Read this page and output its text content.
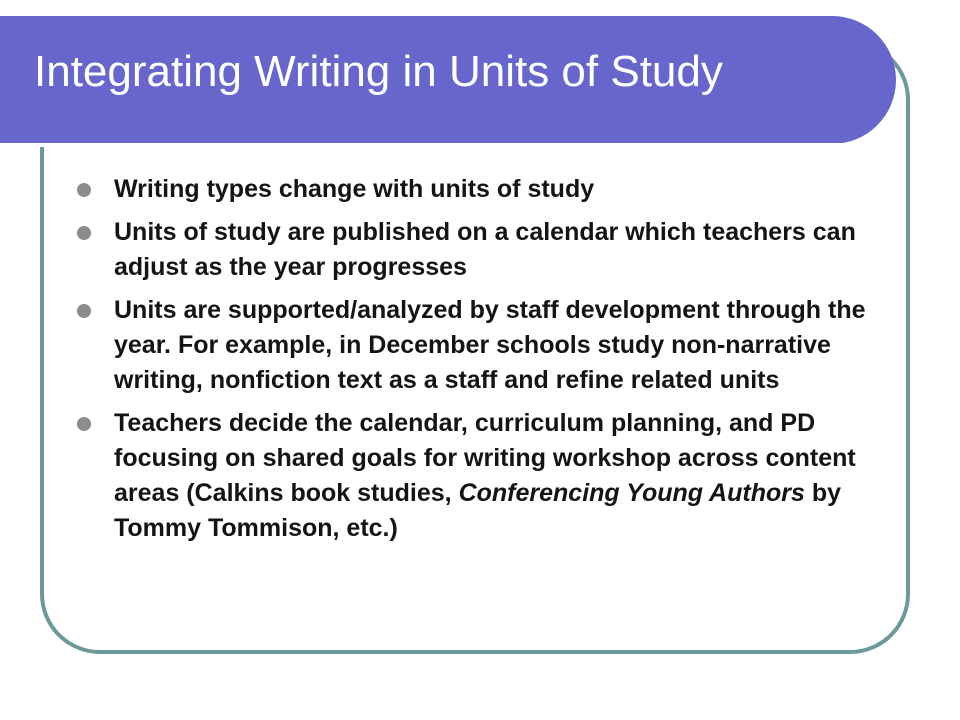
Integrating Writing in Units of Study
Writing types change with units of study
Units of study are published on a calendar which teachers can adjust as the year progresses
Units are supported/analyzed by staff development through the year. For example, in December schools study non-narrative writing, nonfiction text as a staff and refine related units
Teachers decide the calendar, curriculum planning, and PD focusing on shared goals for writing workshop across content areas (Calkins book studies, Conferencing Young Authors by Tommy Tommison, etc.)
